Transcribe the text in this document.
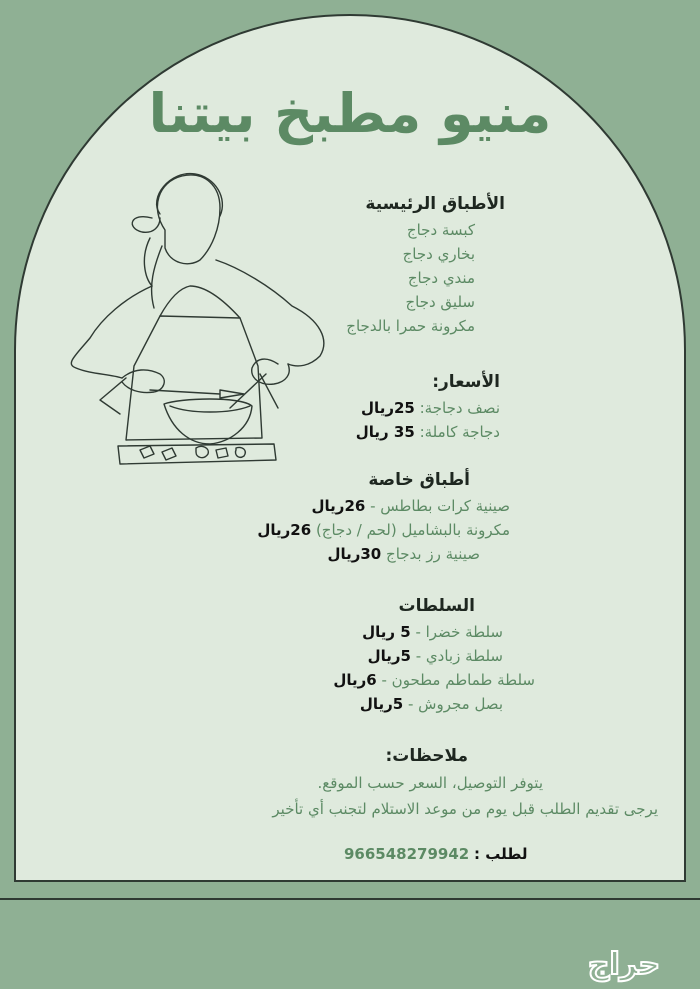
منيو مطبخ بيتنا
الأطباق الرئيسية
كبسة دجاج
بخاري دجاج
مندي دجاج
سليق دجاج
مكرونة حمرا بالدجاج
الأسعار:
نصف دجاجة: 25ريال
دجاجة كاملة: 35 ريال
أطباق خاصة
صينية كرات بطاطس - 26ريال
مكرونة بالبشاميل (لحم / دجاج) 26ريال
صينية رز بدجاج 30ريال
السلطات
سلطة خضرا - 5 ريال
سلطة زبادي - 5ريال
سلطة طماطم مطحون - 6ريال
بصل مجروش - 5ريال
ملاحظات:
يتوفر التوصيل، السعر حسب الموقع.
يرجى تقديم الطلب قبل يوم من موعد الاستلام لتجنب أي تأخير
لطلب : 966548279942
حراج
